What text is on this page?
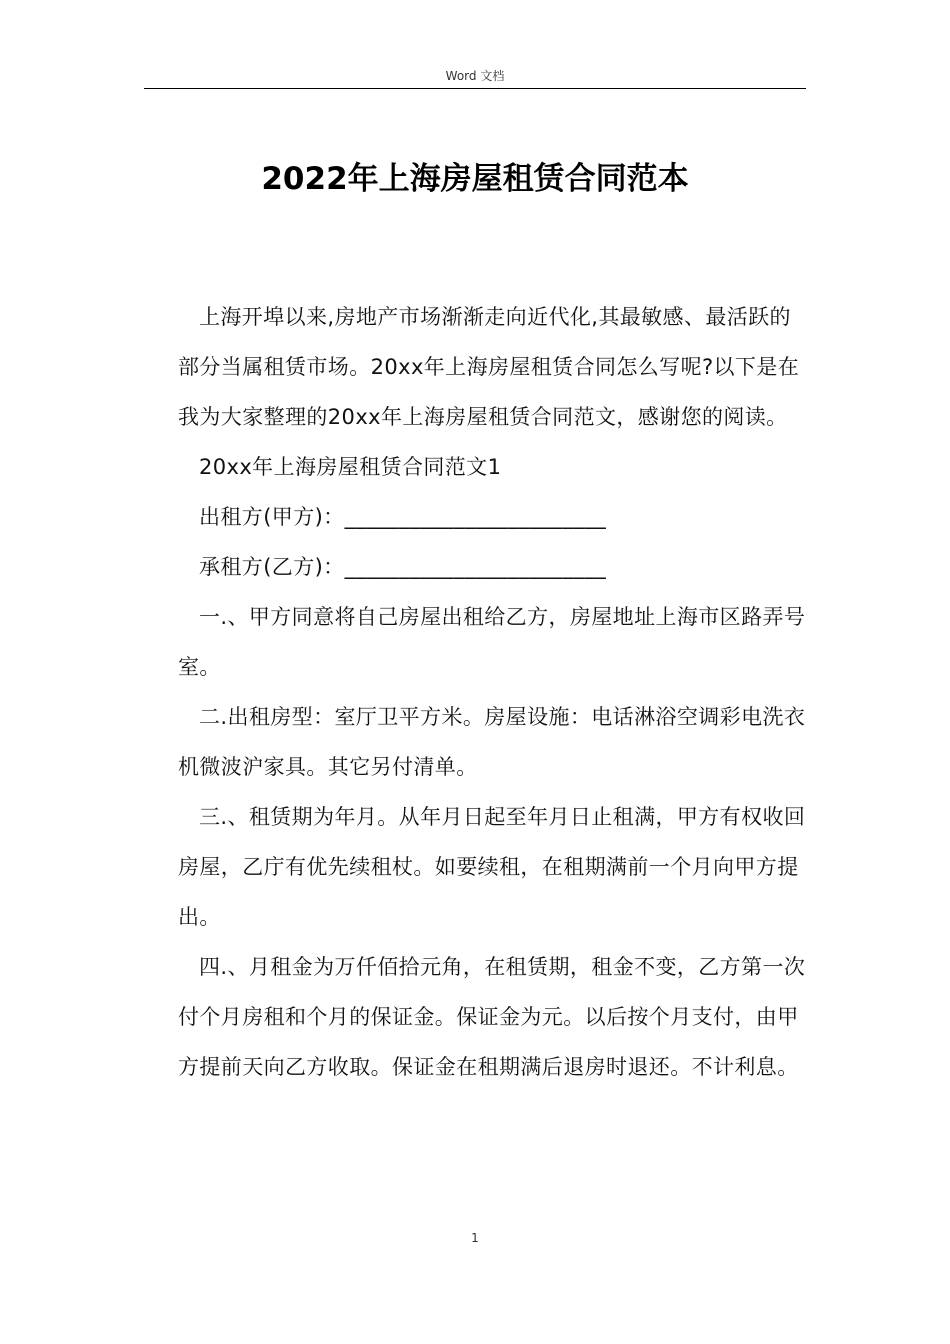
Word 文档
2022年上海房屋租赁合同范本

上海开埠以来,房地产市场渐渐走向近代化,其最敏感、最活跃的部分当属租赁市场。20xx年上海房屋租赁合同怎么写呢?以下是在我为大家整理的20xx年上海房屋租赁合同范文，感谢您的阅读。

20xx年上海房屋租赁合同范文1

出租方(甲方)：________________________

承租方(乙方)：________________________

一.、甲方同意将自己房屋出租给乙方，房屋地址上海市区路弄号室。

二.出租房型：室厅卫平方米。房屋设施：电话淋浴空调彩电洗衣机微波沪家具。其它另付清单。

三.、租赁期为年月。从年月日起至年月日止租满，甲方有权收回房屋，乙庁有优先续租杖。如要续租，在租期满前一个月向甲方提出。

四.、月租金为万仟佰拾元角，在租赁期，租金不变，乙方第一次付个月房租和个月的保证金。保证金为元。以后按个月支付，由甲方提前天向乙方收取。保证金在租期满后退房时退还。不计利息。

1
